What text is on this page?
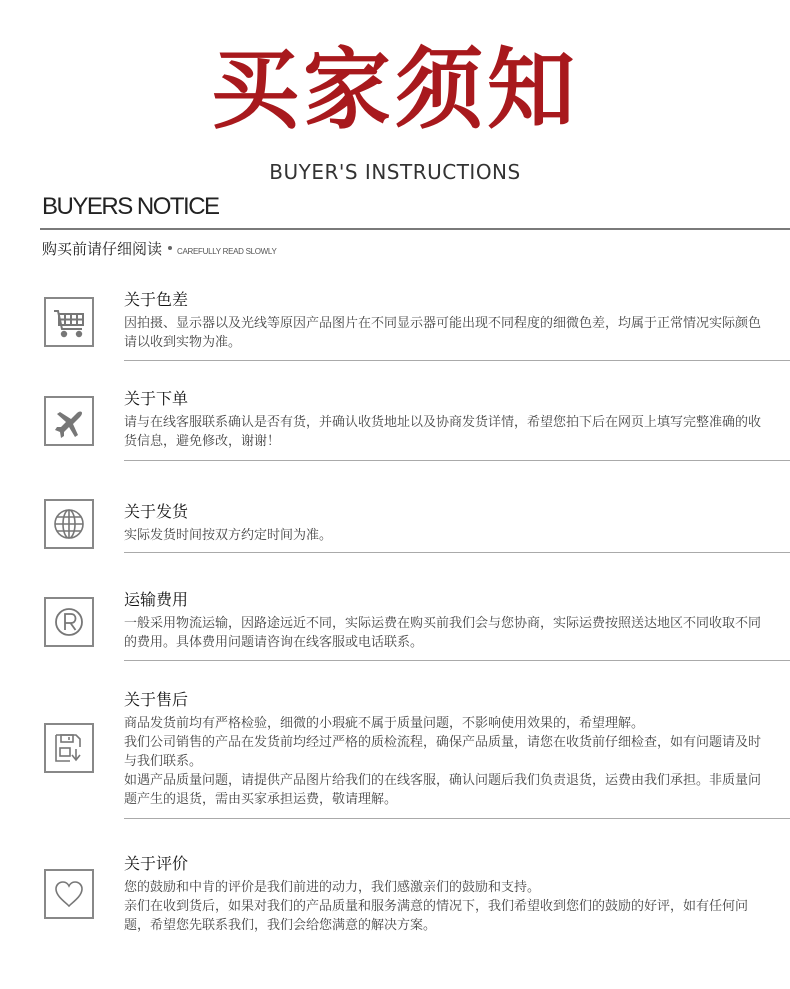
买家须知
BUYER'S INSTRUCTIONS
BUYERS NOTICE
购买前请仔细阅读 CAREFULLY READ SLOWLY
关于色差

因拍摄、显示器以及光线等原因产品图片在不同显示器可能出现不同程度的细微色差，均属于正常情况实际颜色请以收到实物为准。

关于下单

请与在线客服联系确认是否有货，并确认收货地址以及协商发货详情，希望您拍下后在网页上填写完整准确的收货信息，避免修改，谢谢！

关于发货

实际发货时间按双方约定时间为准。

运输费用

一般采用物流运输，因路途远近不同，实际运费在购买前我们会与您协商，实际运费按照送达地区不同收取不同的费用。具体费用问题请咨询在线客服或电话联系。

关于售后

商品发货前均有严格检验，细微的小瑕疵不属于质量问题，不影响使用效果的，希望理解。

我们公司销售的产品在发货前均经过严格的质检流程，确保产品质量，请您在收货前仔细检查，如有问题请及时与我们联系。

如遇产品质量问题，请提供产品图片给我们的在线客服，确认问题后我们负责退货，运费由我们承担。非质量问题产生的退货，需由买家承担运费，敬请理解。

关于评价

您的鼓励和中肯的评价是我们前进的动力，我们感激亲们的鼓励和支持。

亲们在收到货后，如果对我们的产品质量和服务满意的情况下，我们希望收到您们的鼓励的好评，如有任何问题，希望您先联系我们，我们会给您满意的解决方案。
